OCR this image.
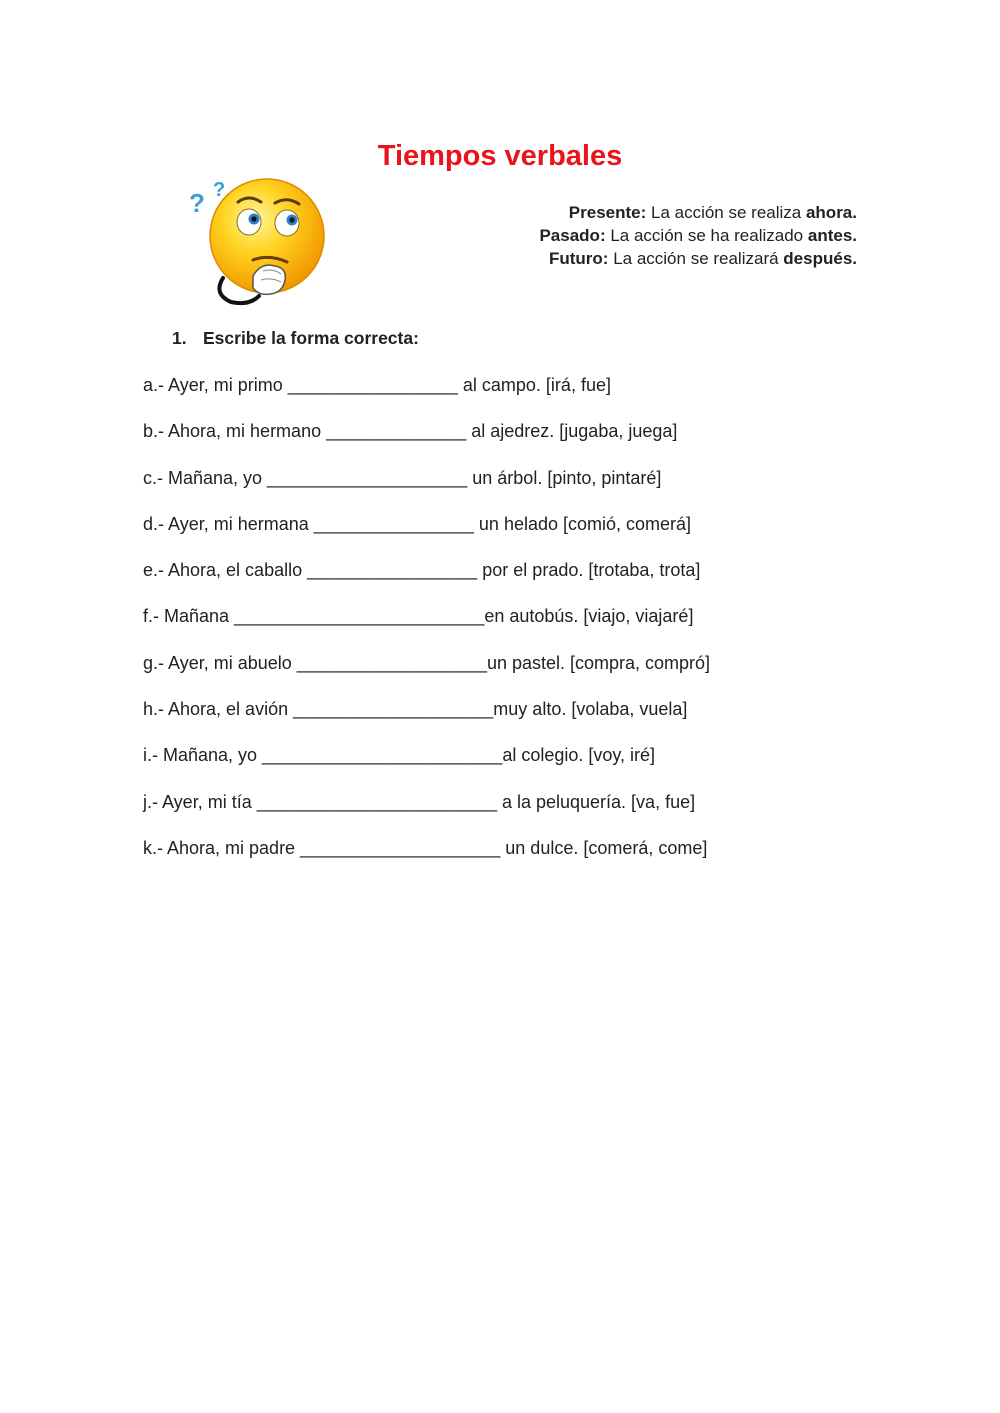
Tiempos verbales
? ?
Presente: La acción se realiza ahora.
Pasado: La acción se ha realizado antes.
Futuro: La acción se realizará después.

1. Escribe la forma correcta:

a.- Ayer, mi primo _________________ al campo. [irá, fue]
b.- Ahora, mi hermano ______________ al ajedrez. [jugaba, juega]
c.- Mañana, yo ____________________ un árbol. [pinto, pintaré]
d.- Ayer, mi hermana ________________ un helado [comió, comerá]
e.- Ahora, el caballo _________________ por el prado. [trotaba, trota]
f.- Mañana _________________________en autobús. [viajo, viajaré]
g.- Ayer, mi abuelo ___________________un pastel. [compra, compró]
h.- Ahora, el avión ____________________muy alto. [volaba, vuela]
i.- Mañana, yo ________________________al colegio. [voy, iré]
j.- Ayer, mi tía ________________________ a la peluquería. [va, fue]
k.- Ahora, mi padre ____________________ un dulce. [comerá, come]
